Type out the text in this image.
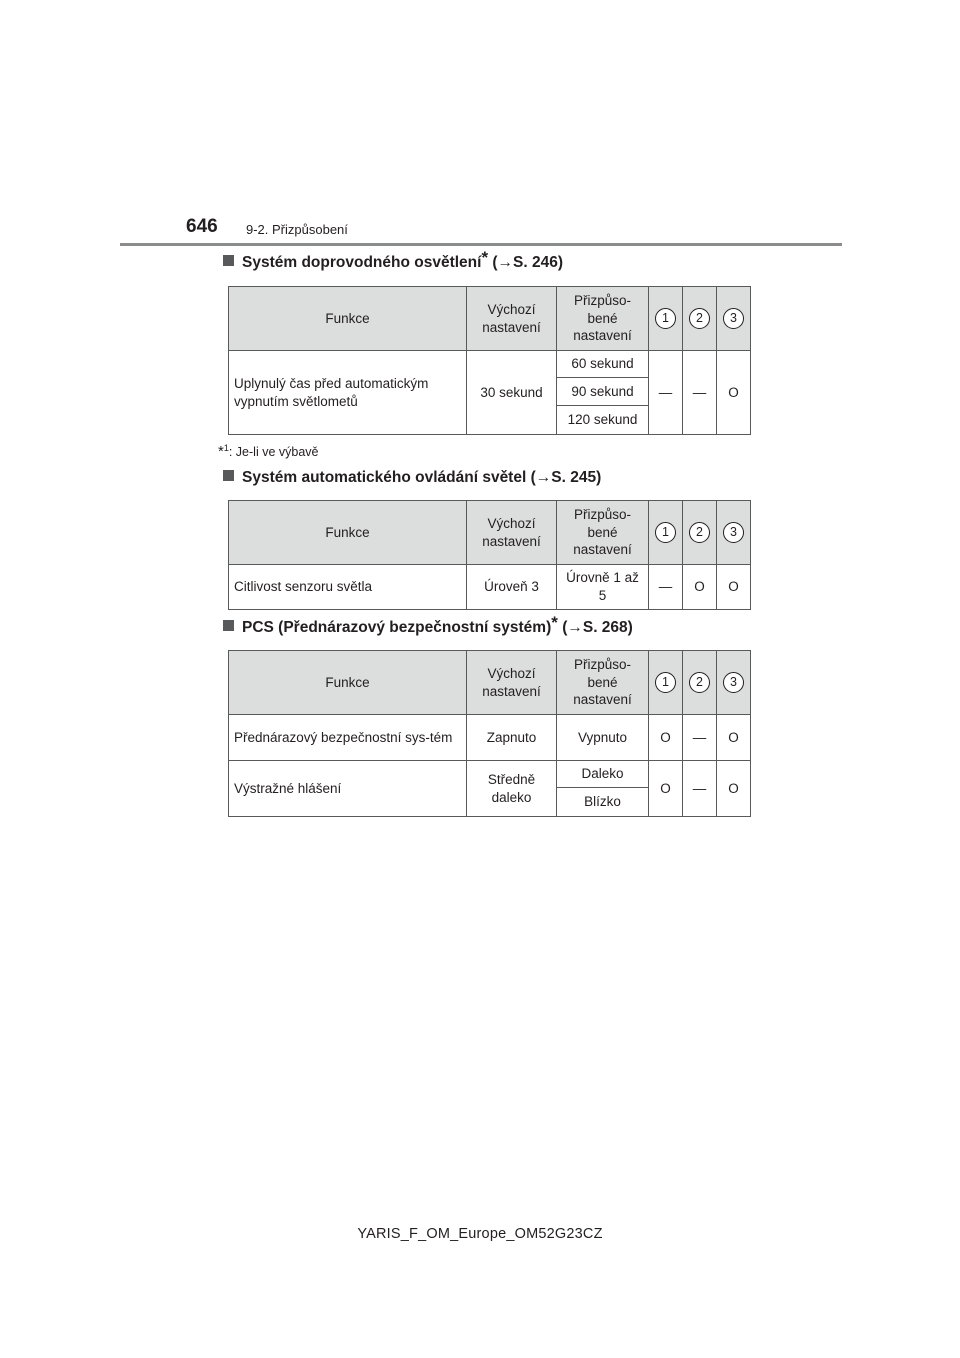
646 9-2. Přizpůsobení
Systém doprovodného osvětlení* (→S. 246)
Funkce	Výchozí nastavení	Přizpůso-bené nastavení	1	2	3
Uplynulý čas před automatickým vypnutím světlometů	30 sekund	60 sekund	—	—	O
		90 sekund			
		120 sekund			
*$^1$: Je-li ve výbavě
Systém automatického ovládání světel (→S. 245)
Funkce	Výchozí nastavení	Přizpůso-bené nastavení	1	2	3
Citlivost senzoru světla	Úroveň 3	Úrovně 1 až 5	—	O	O
PCS (Přednárazový bezpečnostní systém)* (→S. 268)
Funkce	Výchozí nastavení	Přizpůso-bené nastavení	1	2	3
Přednárazový bezpečnostní sys-tém	Zapnuto	Vypnuto	O	—	O
Výstražné hlášení	Středně daleko	Daleko	O	—	O
		Blízko			
YARIS_F_OM_Europe_OM52G23CZ
